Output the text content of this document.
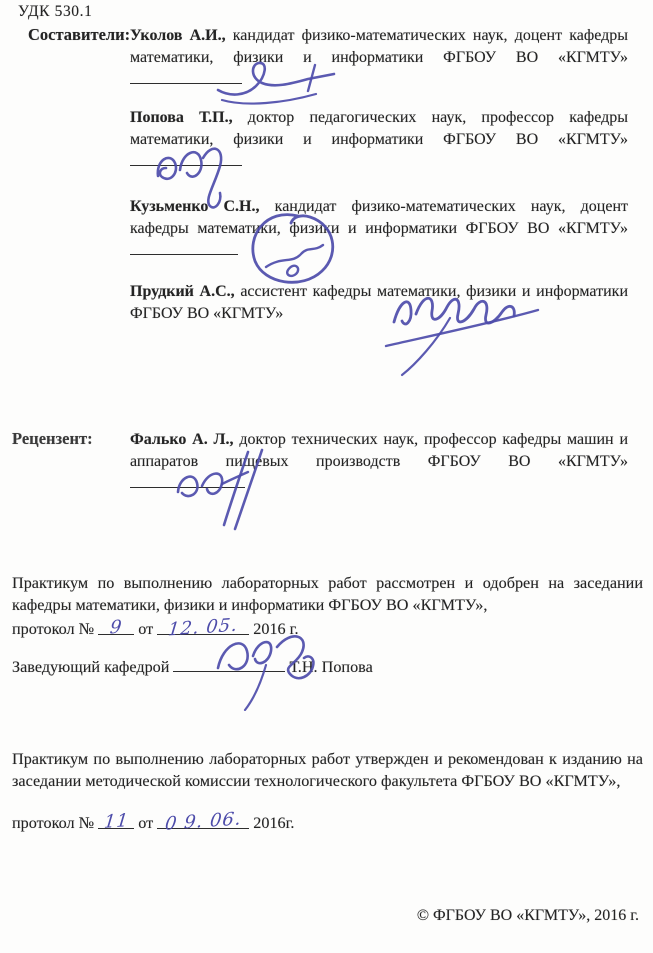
УДК 530.1
Составители: Уколов А.И., кандидат физико-математических наук, доцент кафедры математики, физики и информатики ФГБОУ ВО «КГМТУ»

Попова Т.П., доктор педагогических наук, профессор кафедры математики, физики и информатики ФГБОУ ВО «КГМТУ»

Кузьменко С.Н., кандидат физико-математических наук, доцент кафедры математики, физики и информатики ФГБОУ ВО «КГМТУ»

Прудкий А.С., ассистент кафедры математики, физики и информатики ФГБОУ ВО «КГМТУ»

Рецензент: Фалько А. Л., доктор технических наук, профессор кафедры машин и аппаратов пищевых производств ФГБОУ ВО «КГМТУ»

Практикум по выполнению лабораторных работ рассмотрен и одобрен на заседании кафедры математики, физики и информатики ФГБОУ ВО «КГМТУ»,

протокол № 9 от 12. 05. 2016 г.
Заведующий кафедрой	Т.Н. Попова

Практикум по выполнению лабораторных работ утвержден и рекомендован к изданию на заседании методической комиссии технологического факультета ФГБОУ ВО «КГМТУ»,

протокол № 11 от 0 9. 06. 2016г.
© ФГБОУ ВО «КГМТУ», 2016 г.
